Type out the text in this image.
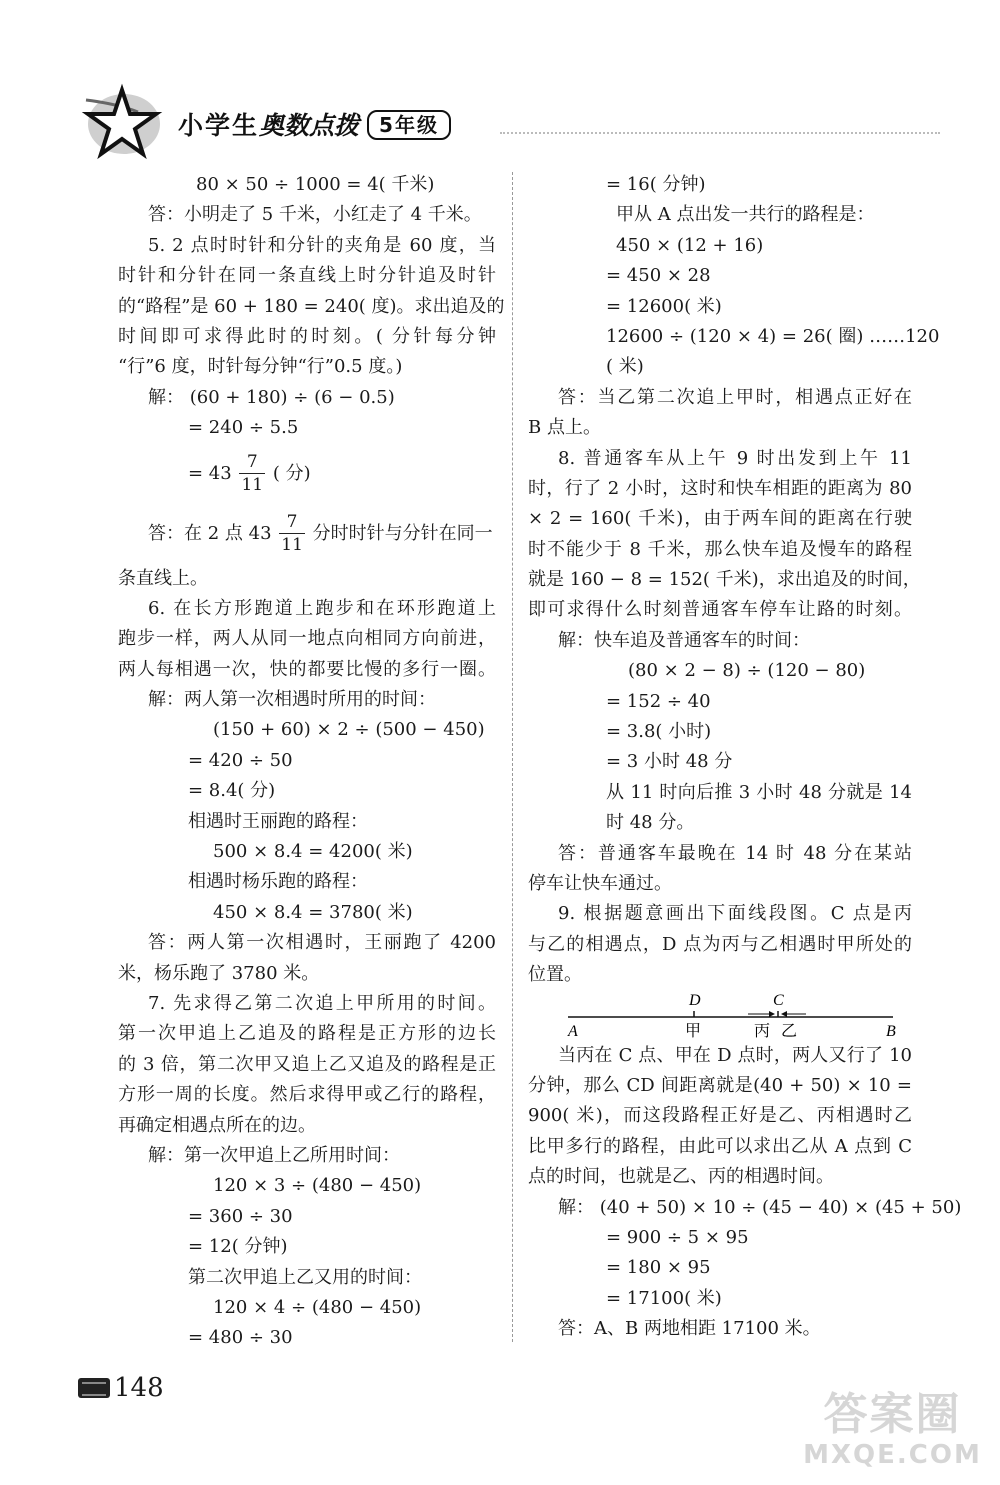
小学生奥数点拨 5年级
80 × 50 ÷ 1000 = 4( 千米)
答：小明走了 5 千米，小红走了 4 千米。
5. 2 点时时针和分针的夹角是 60 度，当
时针和分针在同一条直线上时分针追及时针
的“路程”是 60 + 180 = 240( 度)。求出追及的
时间即可求得此时的时刻。( 分针每分钟
“行”6 度，时针每分钟“行”0.5 度。)
解： (60 + 180) ÷ (6 − 0.5)
= 240 ÷ 5.5
= $43 \frac{7}{11}$ ( 分)
答：在 2 点 $43 \frac{7}{11}$ 分时时针与分针在同一
条直线上。
6. 在长方形跑道上跑步和在环形跑道上
跑步一样，两人从同一地点向相同方向前进，
两人每相遇一次，快的都要比慢的多行一圈。
解：两人第一次相遇时所用的时间：
(150 + 60) × 2 ÷ (500 − 450)
= 420 ÷ 50
= 8.4( 分)
相遇时王丽跑的路程：
500 × 8.4 = 4200( 米)
相遇时杨乐跑的路程：
450 × 8.4 = 3780( 米)
答：两人第一次相遇时，王丽跑了 4200
米，杨乐跑了 3780 米。
7. 先求得乙第二次追上甲所用的时间。
第一次甲追上乙追及的路程是正方形的边长
的 3 倍，第二次甲又追上乙又追及的路程是正
方形一周的长度。然后求得甲或乙行的路程，
再确定相遇点所在的边。
解：第一次甲追上乙所用时间：
120 × 3 ÷ (480 − 450)
= 360 ÷ 30
= 12( 分钟)
第二次甲追上乙又用的时间：
120 × 4 ÷ (480 − 450)
= 480 ÷ 30
= 16( 分钟)
甲从 A 点出发一共行的路程是：
450 × (12 + 16)
= 450 × 28
= 12600( 米)
12600 ÷ (120 × 4) = 26( 圈) ……120
( 米)
答：当乙第二次追上甲时，相遇点正好在
B 点上。
8. 普通客车从上午 9 时出发到上午 11
时，行了 2 小时，这时和快车相距的距离为 80
× 2 = 160( 千米)，由于两车间的距离在行驶
时不能少于 8 千米，那么快车追及慢车的路程
就是 160 − 8 = 152( 千米)，求出追及的时间，
即可求得什么时刻普通客车停车让路的时刻。
解：快车追及普通客车的时间：
(80 × 2 − 8) ÷ (120 − 80)
= 152 ÷ 40
= 3.8( 小时)
= 3 小时 48 分
从 11 时向后推 3 小时 48 分就是 14
时 48 分。
答：普通客车最晚在 14 时 48 分在某站
停车让快车通过。
9. 根据题意画出下面线段图。C 点是丙
与乙的相遇点，D 点为丙与乙相遇时甲所处的
位置。
D	C
A	B
甲	丙 乙
当丙在 C 点、甲在 D 点时，两人又行了 10
分钟，那么 CD 间距离就是(40 + 50) × 10 =
900( 米)，而这段路程正好是乙、丙相遇时乙
比甲多行的路程，由此可以求出乙从 A 点到 C
点的时间，也就是乙、丙的相遇时间。
解： (40 + 50) × 10 ÷ (45 − 40) × (45 + 50)
= 900 ÷ 5 × 95
= 180 × 95
= 17100( 米)
答：A、B 两地相距 17100 米。
148
答案圈
MXQE.COM
